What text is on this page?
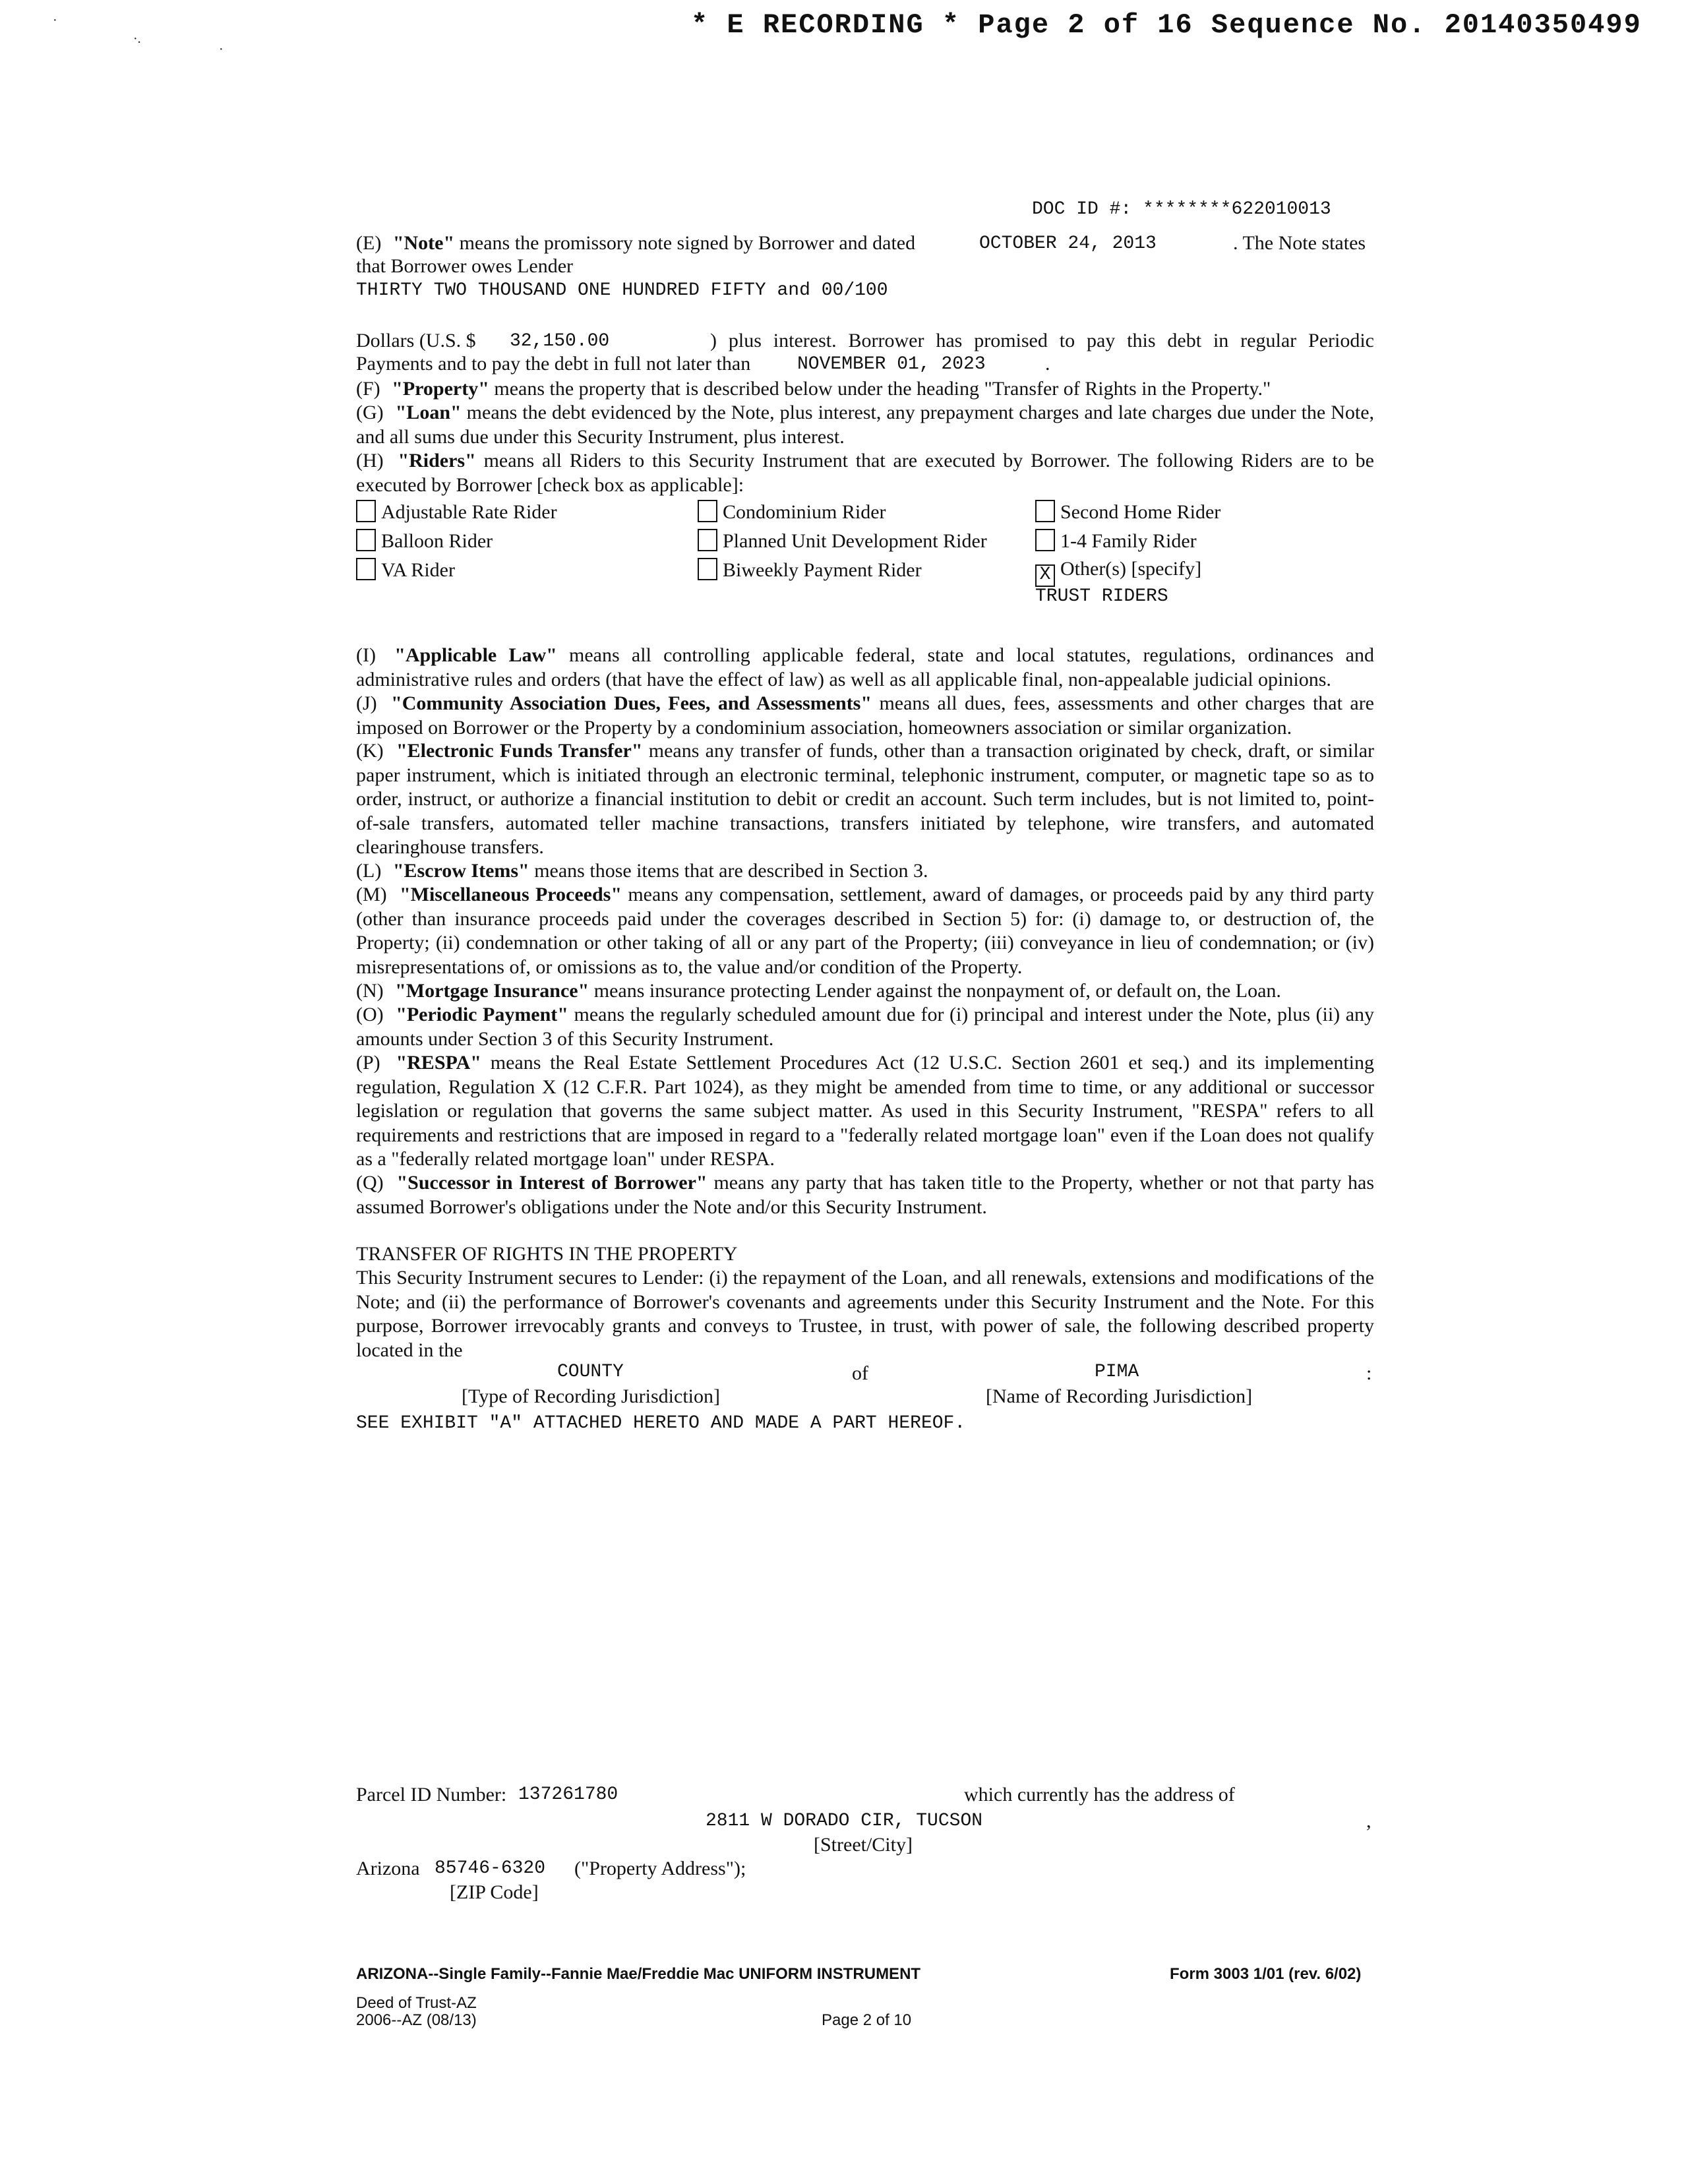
·
·.
·
* E RECORDING * Page 2 of 16 Sequence No. 20140350499
DOC ID #: ********622010013
(E) "Note" means the promissory note signed by Borrower and dated	OCTOBER 24, 2013	. The Note states
that Borrower owes Lender
THIRTY TWO THOUSAND ONE HUNDRED FIFTY and 00/100
Dollars (U.S. $ 32,150.00	) plus interest. Borrower has promised to pay this debt in regular Periodic
Payments and to pay the debt in full not later than	NOVEMBER 01, 2023	.
(F) "Property" means the property that is described below under the heading "Transfer of Rights in the Property."
(G) "Loan" means the debt evidenced by the Note, plus interest, any prepayment charges and late charges due under the Note, and all sums due under this Security Instrument, plus interest.
(H) "Riders" means all Riders to this Security Instrument that are executed by Borrower. The following Riders are to be executed by Borrower [check box as applicable]:
Adjustable Rate Rider	Condominium Rider	Second Home Rider
Balloon Rider	Planned Unit Development Rider	1-4 Family Rider
VA Rider	Biweekly Payment Rider	X Other(s) [specify]
TRUST RIDERS
(I) "Applicable Law" means all controlling applicable federal, state and local statutes, regulations, ordinances and administrative rules and orders (that have the effect of law) as well as all applicable final, non-appealable judicial opinions.
(J) "Community Association Dues, Fees, and Assessments" means all dues, fees, assessments and other charges that are imposed on Borrower or the Property by a condominium association, homeowners association or similar organization.
(K) "Electronic Funds Transfer" means any transfer of funds, other than a transaction originated by check, draft, or similar paper instrument, which is initiated through an electronic terminal, telephonic instrument, computer, or magnetic tape so as to order, instruct, or authorize a financial institution to debit or credit an account. Such term includes, but is not limited to, point-of-sale transfers, automated teller machine transactions, transfers initiated by telephone, wire transfers, and automated clearinghouse transfers.
(L) "Escrow Items" means those items that are described in Section 3.
(M) "Miscellaneous Proceeds" means any compensation, settlement, award of damages, or proceeds paid by any third party (other than insurance proceeds paid under the coverages described in Section 5) for: (i) damage to, or destruction of, the Property; (ii) condemnation or other taking of all or any part of the Property; (iii) conveyance in lieu of condemnation; or (iv) misrepresentations of, or omissions as to, the value and/or condition of the Property.
(N) "Mortgage Insurance" means insurance protecting Lender against the nonpayment of, or default on, the Loan.
(O) "Periodic Payment" means the regularly scheduled amount due for (i) principal and interest under the Note, plus (ii) any amounts under Section 3 of this Security Instrument.
(P) "RESPA" means the Real Estate Settlement Procedures Act (12 U.S.C. Section 2601 et seq.) and its implementing regulation, Regulation X (12 C.F.R. Part 1024), as they might be amended from time to time, or any additional or successor legislation or regulation that governs the same subject matter. As used in this Security Instrument, "RESPA" refers to all requirements and restrictions that are imposed in regard to a "federally related mortgage loan" even if the Loan does not qualify as a "federally related mortgage loan" under RESPA.
(Q) "Successor in Interest of Borrower" means any party that has taken title to the Property, whether or not that party has assumed Borrower's obligations under the Note and/or this Security Instrument.
TRANSFER OF RIGHTS IN THE PROPERTY
This Security Instrument secures to Lender: (i) the repayment of the Loan, and all renewals, extensions and modifications of the Note; and (ii) the performance of Borrower's covenants and agreements under this Security Instrument and the Note. For this purpose, Borrower irrevocably grants and conveys to Trustee, in trust, with power of sale, the following described property located in the
COUNTY	of	PIMA	:
[Type of Recording Jurisdiction]	[Name of Recording Jurisdiction]
SEE EXHIBIT "A" ATTACHED HERETO AND MADE A PART HEREOF.
Parcel ID Number: 137261780	which currently has the address of
2811 W DORADO CIR, TUCSON	,
[Street/City]
Arizona 85746-6320 ("Property Address");
[ZIP Code]
ARIZONA--Single Family--Fannie Mae/Freddie Mac UNIFORM INSTRUMENT	Form 3003 1/01 (rev. 6/02)
Deed of Trust-AZ
2006--AZ (08/13)	Page 2 of 10
